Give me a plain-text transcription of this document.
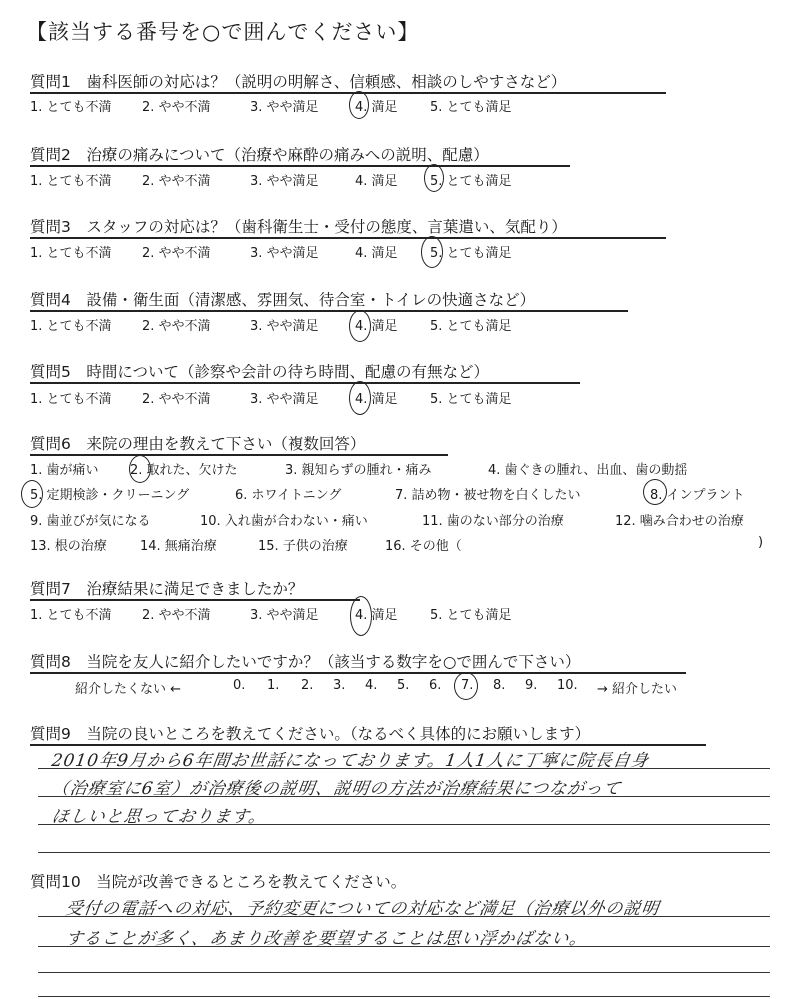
【該当する番号を○で囲んでください】
質問1　歯科医師の対応は？（説明の明解さ、信頼感、相談のしやすさなど）
1. とても不満 2. やや不満	3. やや満足	4. 満足 5. とても満足
質問2　治療の痛みについて（治療や麻酔の痛みへの説明、配慮）
1. とても不満 2. やや不満	3. やや満足	4. 満足 5. とても満足
質問3　スタッフの対応は？（歯科衛生士・受付の態度、言葉遣い、気配り）
1. とても不満 2. やや不満	3. やや満足	4. 満足 5. とても満足
質問4　設備・衛生面（清潔感、雰囲気、待合室・トイレの快適さなど）
1. とても不満 2. やや不満	3. やや満足	4. 満足 5. とても満足
質問5　時間について（診察や会計の待ち時間、配慮の有無など）
1. とても不満 2. やや不満	3. やや満足	4. 満足 5. とても満足
質問6　来院の理由を教えて下さい（複数回答）
1. 歯が痛い 2. 取れた、欠けた	3. 親知らずの腫れ・痛み	4. 歯ぐきの腫れ、出血、歯の動揺
5. 定期検診・クリーニング	6. ホワイトニング	7. 詰め物・被せ物を白くしたい	8. インプラント
9. 歯並びが気になる	10. 入れ歯が合わない・痛い	11. 歯のない部分の治療	12. 噛み合わせの治療
13. 根の治療	14. 無痛治療	15. 子供の治療	16. その他（	)
質問7　治療結果に満足できましたか？
1. とても不満 2. やや不満	3. やや満足	4. 満足 5. とても満足
質問8　当院を友人に紹介したいですか？（該当する数字を○で囲んで下さい）
紹介したくない ←	0. 1. 2. 3. 4. 5. 6. 7. 8. 9. 10. → 紹介したい
質問9　当院の良いところを教えてください。（なるべく具体的にお願いします）
2010年9月から6年間お世話になっております。1人1人に丁寧に院長自身
（治療室に6室）が治療後の説明、説明の方法が治療結果につながって
ほしいと思っております。
質問10　当院が改善できるところを教えてください。
受付の電話への対応、予約変更についての対応など満足（治療以外の説明
することが多く、あまり改善を要望することは思い浮かばない。
